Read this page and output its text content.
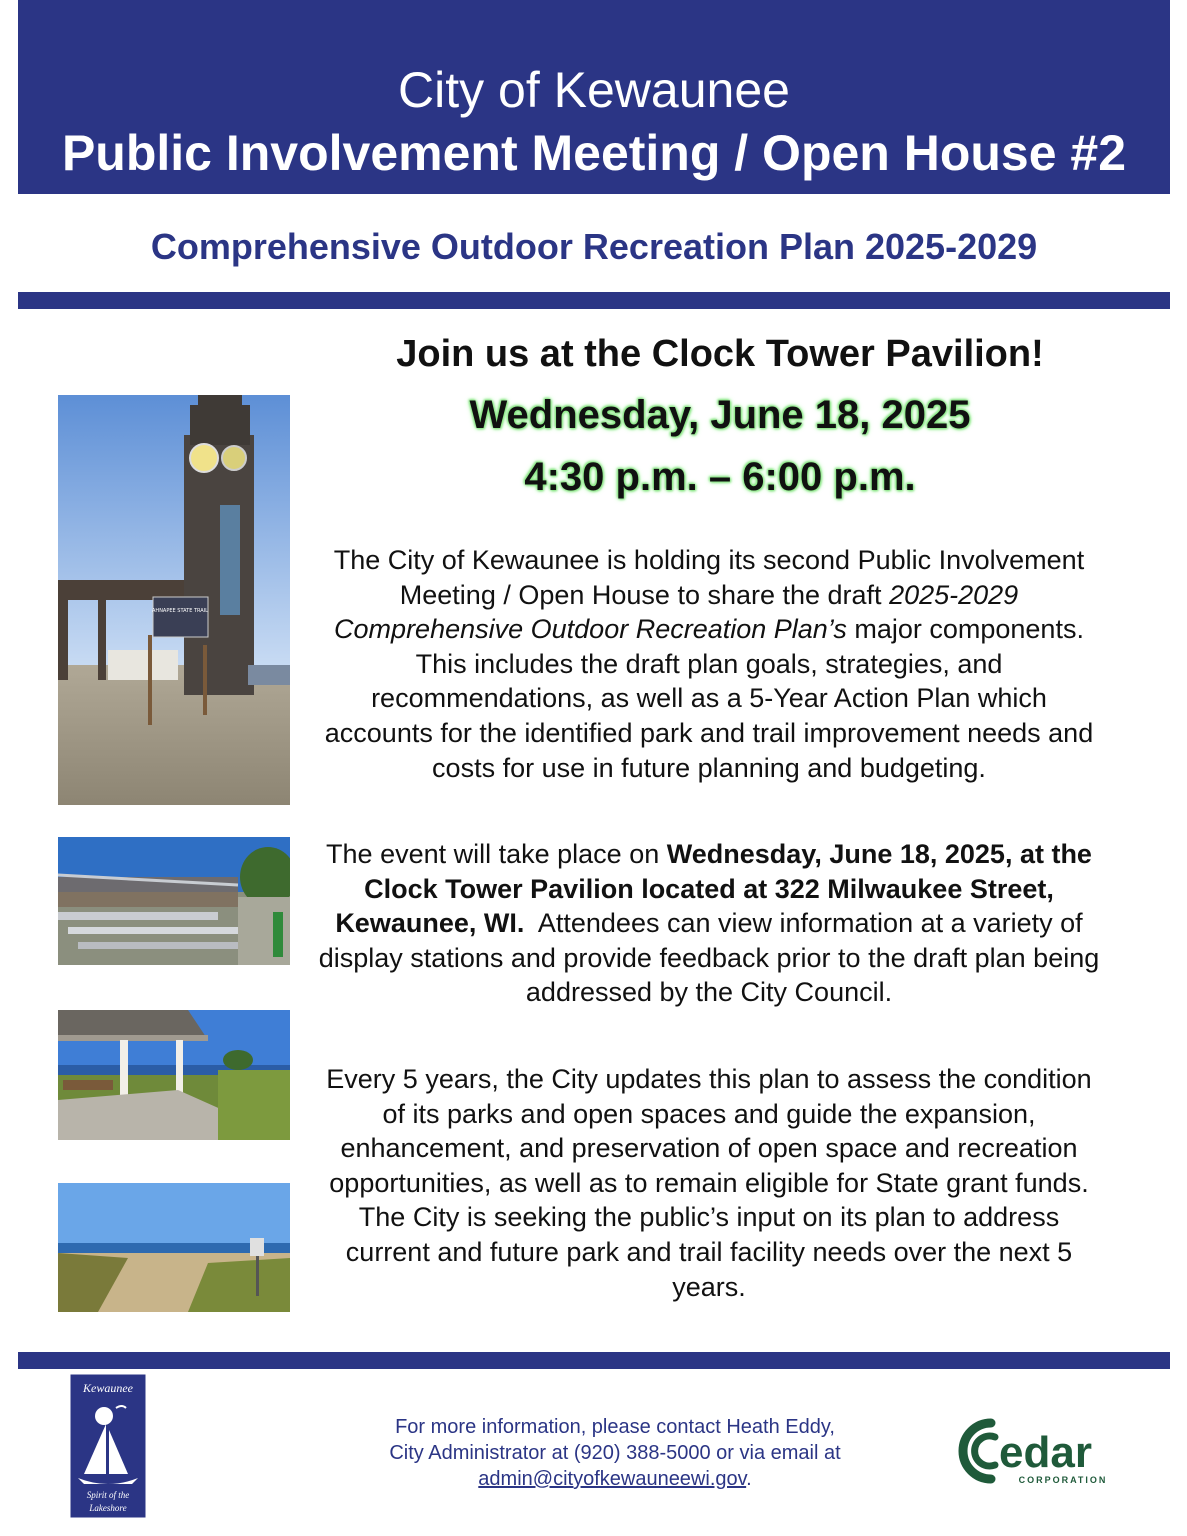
City of Kewaunee
Public Involvement Meeting / Open House #2
Comprehensive Outdoor Recreation Plan 2025-2029
Join us at the Clock Tower Pavilion!
Wednesday, June 18, 2025
4:30 p.m. – 6:00 p.m.
The City of Kewaunee is holding its second Public Involvement Meeting / Open House to share the draft 2025-2029 Comprehensive Outdoor Recreation Plan’s major components. This includes the draft plan goals, strategies, and recommendations, as well as a 5-Year Action Plan which accounts for the identified park and trail improvement needs and costs for use in future planning and budgeting.
The event will take place on Wednesday, June 18, 2025, at the Clock Tower Pavilion located at 322 Milwaukee Street, Kewaunee, WI. Attendees can view information at a variety of display stations and provide feedback prior to the draft plan being addressed by the City Council.
Every 5 years, the City updates this plan to assess the condition of its parks and open spaces and guide the expansion, enhancement, and preservation of open space and recreation opportunities, as well as to remain eligible for State grant funds. The City is seeking the public’s input on its plan to address current and future park and trail facility needs over the next 5 years.
AHNAPEE STATE TRAIL
Kewaunee
Spirit of the
Lakeshore
For more information, please contact Heath Eddy,
City Administrator at (920) 388-5000 or via email at
admin@cityofkewauneewi.gov.
edar
CORPORATION
